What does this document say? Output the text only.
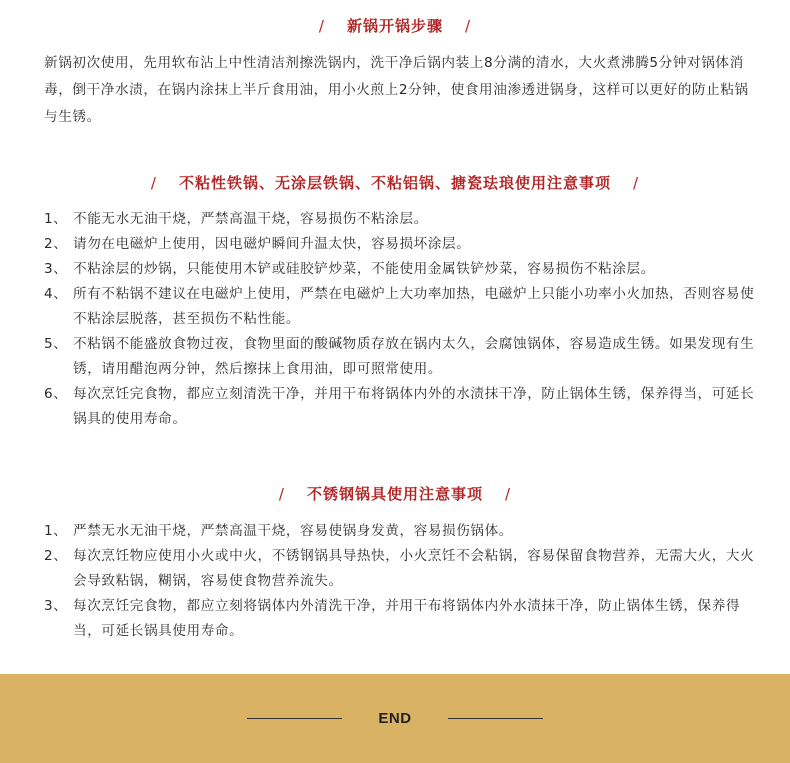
/ 新锅开锅步骤 /
新锅初次使用，先用软布沾上中性清洁剂擦洗锅内，洗干净后锅内装上8分满的清水，大火煮沸腾5分钟对锅体消毒，倒干净水渍，在锅内涂抹上半斤食用油，用小火煎上2分钟，使食用油渗透进锅身，这样可以更好的防止粘锅与生锈。
/ 不粘性铁锅、无涂层铁锅、不粘铝锅、搪瓷珐琅使用注意事项 /
1、 不能无水无油干烧，严禁高温干烧，容易损伤不粘涂层。
2、 请勿在电磁炉上使用，因电磁炉瞬间升温太快，容易损坏涂层。
3、 不粘涂层的炒锅，只能使用木铲或硅胶铲炒菜，不能使用金属铁铲炒菜，容易损伤不粘涂层。
4、 所有不粘锅不建议在电磁炉上使用，严禁在电磁炉上大功率加热，电磁炉上只能小功率小火加热，否则容易使不粘涂层脱落，甚至损伤不粘性能。
5、 不粘锅不能盛放食物过夜，食物里面的酸碱物质存放在锅内太久，会腐蚀锅体，容易造成生锈。如果发现有生锈，请用醋泡两分钟，然后擦抹上食用油，即可照常使用。
6、 每次烹饪完食物，都应立刻清洗干净，并用干布将锅体内外的水渍抹干净，防止锅体生锈，保养得当，可延长锅具的使用寿命。
/ 不锈钢锅具使用注意事项 /
1、 严禁无水无油干烧，严禁高温干烧，容易使锅身发黄，容易损伤锅体。
2、 每次烹饪物应使用小火或中火，不锈钢锅具导热快，小火烹饪不会粘锅，容易保留食物营养，无需大火，大火会导致粘锅，糊锅，容易使食物营养流失。
3、 每次烹饪完食物，都应立刻将锅体内外清洗干净，并用干布将锅体内外水渍抹干净，防止锅体生锈，保养得当，可延长锅具使用寿命。
END
